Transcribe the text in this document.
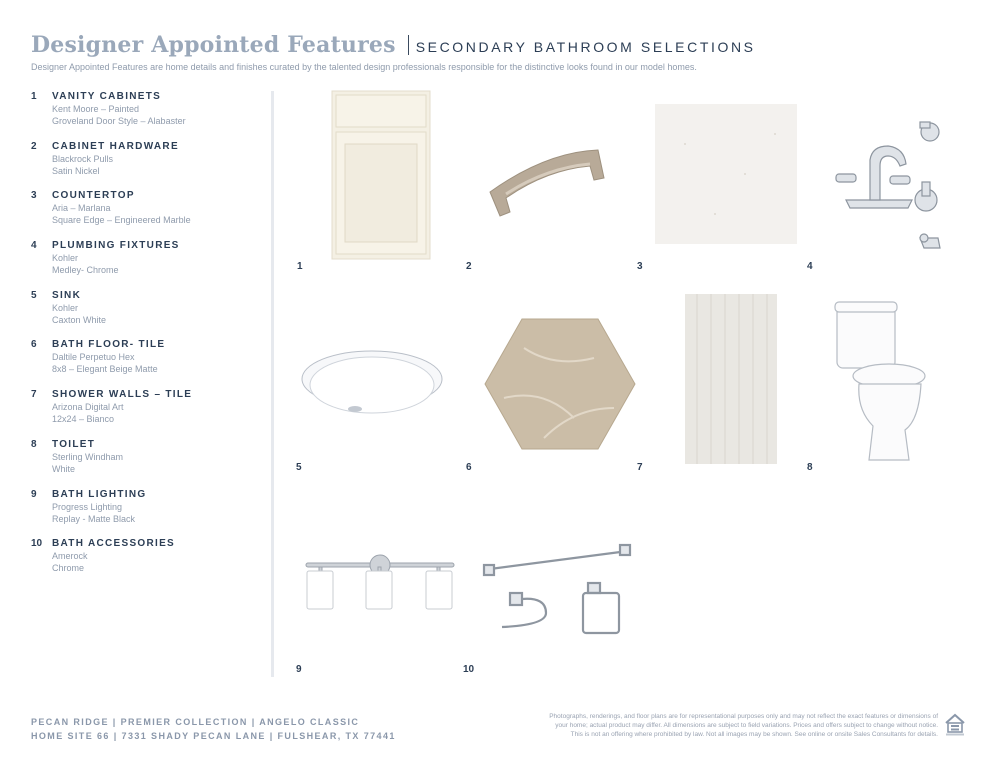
Designer Appointed Features SECONDARY BATHROOM SELECTIONS
Designer Appointed Features are home details and finishes curated by the talented design professionals responsible for the distinctive looks found in our model homes.
1 VANITY CABINETS
Kent Moore – Painted
Groveland Door Style – Alabaster
2 CABINET HARDWARE
Blackrock Pulls
Satin Nickel
3 COUNTERTOP
Aria – Marlana
Square Edge – Engineered Marble
4 PLUMBING FIXTURES
Kohler
Medley- Chrome
5 SINK
Kohler
Caxton White
6 BATH FLOOR- TILE
Daltile Perpetuo Hex
8x8 – Elegant Beige Matte
7 SHOWER WALLS – TILE
Arizona Digital Art
12x24 – Bianco
8 TOILET
Sterling Windham
White
9 BATH LIGHTING
Progress Lighting
Replay - Matte Black
10 BATH ACCESSORIES
Amerock
Chrome
1	2	3	4
5	6	7	8
9	10
PECAN RIDGE | PREMIER COLLECTION | ANGELO CLASSIC
HOME SITE 66 | 7331 SHADY PECAN LANE | FULSHEAR, TX 77441
Photographs, renderings, and floor plans are for representational purposes only and may not reflect the exact features or dimensions of
your home; actual product may differ. All dimensions are subject to field variations. Prices and offers subject to change without notice.
This is not an offering where prohibited by law. Not all images may be shown. See online or onsite Sales Consultants for details.
